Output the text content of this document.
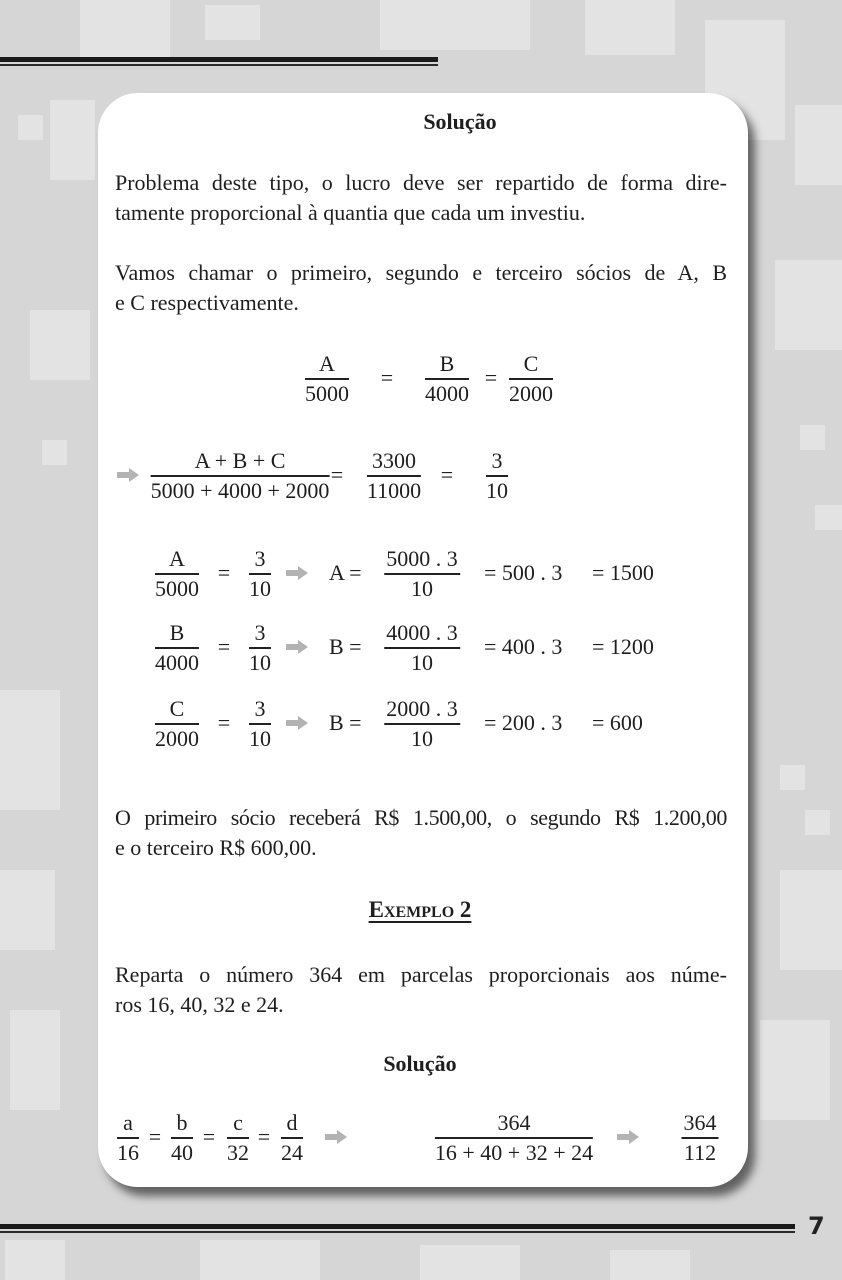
7
Solução
Problema deste tipo, o lucro deve ser repartido de forma dire-
tamente proporcional à quantia que cada um investiu.
Vamos chamar o primeiro, segundo e terceiro sócios de A, B
e C respectivamente.
$\frac{A}{5000} = \frac{B}{4000} = \frac{C}{2000}$
$\frac{A + B + C}{5000 + 4000 + 2000} = \frac{3300}{11000} = \frac{3}{10}$
$\frac{A}{5000} = \frac{3}{10}$	$A = \frac{5000 . 3}{10} = 500$ . 3 = 1500
$\frac{B}{4000} = \frac{3}{10}$	$B = \frac{4000 . 3}{10} = 400$ . 3 = 1200
$\frac{C}{2000} = \frac{3}{10}$	$B = \frac{2000 . 3}{10} = 200$ . 3 = 600
O primeiro sócio receberá R$ 1.500,00, o segundo R$ 1.200,00
e o terceiro R$ 600,00.
Exemplo 2
Reparta o número 364 em parcelas proporcionais aos núme-
ros 16, 40, 32 e 24.
Solução
$\frac{a}{16} = \frac{b}{40} = \frac{c}{32} = \frac{d}{24}$	$\frac{364}{16 + 40 + 32 + 24}$	$\frac{364}{112}$
